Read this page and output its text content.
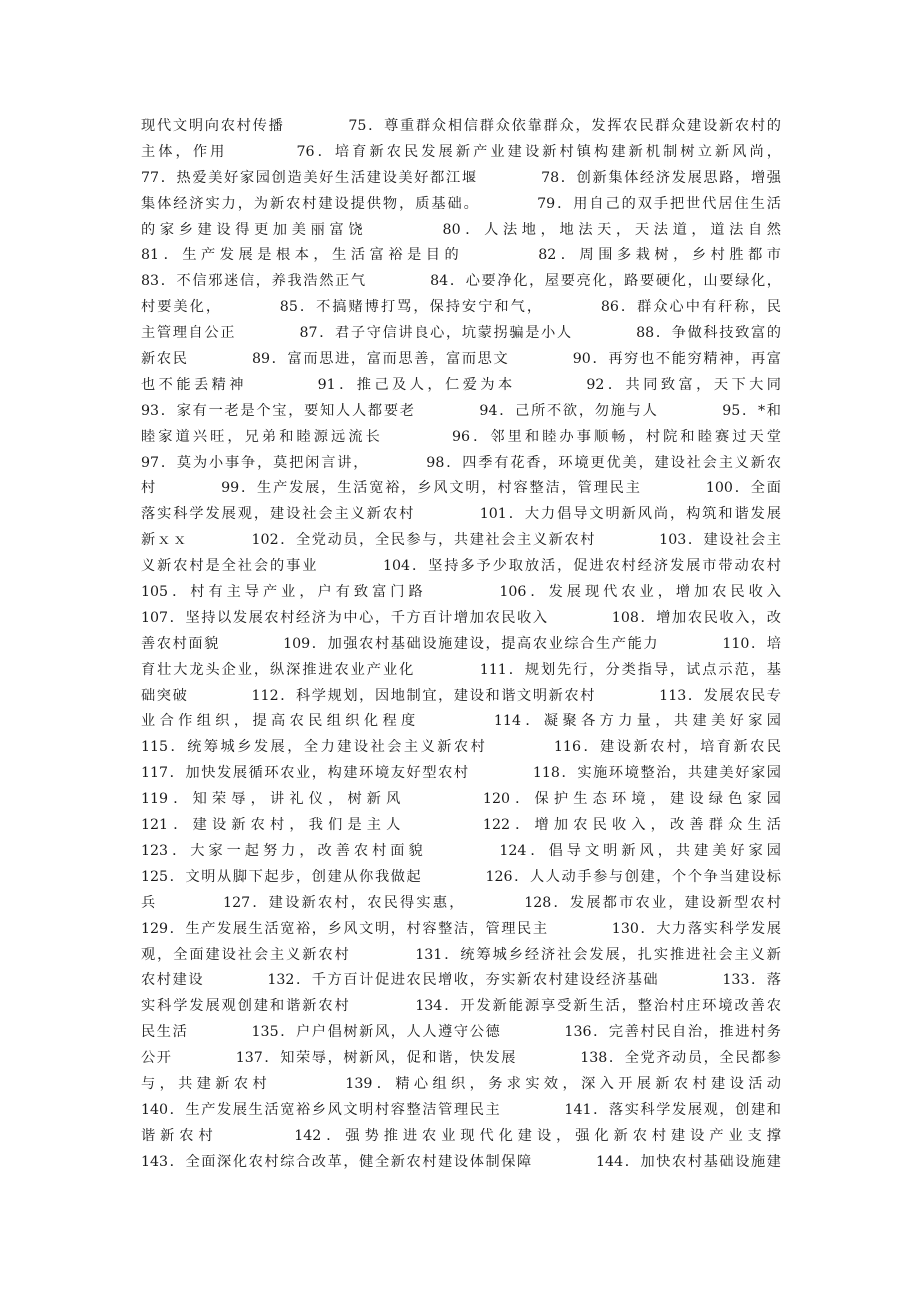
现代文明向农村传播　　　　75．尊重群众相信群众依靠群众，发挥农民群众建设新农村的
主体，作用　　　　76．培育新农民发展新产业建设新村镇构建新机制树立新风尚，
77．热爱美好家园创造美好生活建设美好都江堰　　　　78．创新集体经济发展思路，增强
集体经济实力，为新农村建设提供物，质基础。　　　　79．用自己的双手把世代居住生活
的家乡建设得更加美丽富饶　　　　80．人法地，地法天，天法道，道法自然
81．生产发展是根本，生活富裕是目的　　　　82．周围多栽树，乡村胜都市
83．不信邪迷信，养我浩然正气　　　　84．心要净化，屋要亮化，路要硬化，山要绿化，
村要美化，　　　　85．不搞赌博打骂，保持安宁和气，　　　　86．群众心中有秆称，民
主管理自公正　　　　87．君子守信讲良心，坑蒙拐骗是小人　　　　88．争做科技致富的
新农民　　　　89．富而思进，富而思善，富而思文　　　　90．再穷也不能穷精神，再富
也不能丢精神　　　　91．推己及人，仁爱为本　　　　92．共同致富，天下大同
93．家有一老是个宝，要知人人都要老　　　　94．己所不欲，勿施与人　　　　95．*和
睦家道兴旺，兄弟和睦源远流长　　　　96．邻里和睦办事顺畅，村院和睦赛过天堂
97．莫为小事争，莫把闲言讲，　　　　98．四季有花香，环境更优美，建设社会主义新农
村　　　　99．生产发展，生活宽裕，乡风文明，村容整洁，管理民主　　　　100．全面
落实科学发展观，建设社会主义新农村　　　　101．大力倡导文明新风尚，构筑和谐发展
新ｘｘ　　　　102．全党动员，全民参与，共建社会主义新农村　　　　103．建设社会主
义新农村是全社会的事业　　　　104．坚持多予少取放活，促进农村经济发展市带动农村
105．村有主导产业，户有致富门路　　　　106．发展现代农业，增加农民收入
107．坚持以发展农村经济为中心，千方百计增加农民收入　　　　108．增加农民收入，改
善农村面貌　　　　109．加强农村基础设施建设，提高农业综合生产能力　　　　110．培
育壮大龙头企业，纵深推进农业产业化　　　　111．规划先行，分类指导，试点示范，基
础突破　　　　112．科学规划，因地制宜，建设和谐文明新农村　　　　113．发展农民专
业合作组织，提高农民组织化程度　　　　114．凝聚各方力量，共建美好家园
115．统筹城乡发展，全力建设社会主义新农村　　　　116．建设新农村，培育新农民
117．加快发展循环农业，构建环境友好型农村　　　　118．实施环境整治，共建美好家园
119．知荣辱，讲礼仪，树新风　　　　120．保护生态环境，建设绿色家园
121．建设新农村，我们是主人　　　　122．增加农民收入，改善群众生活
123．大家一起努力，改善农村面貌　　　　124．倡导文明新风，共建美好家园
125．文明从脚下起步，创建从你我做起　　　　126．人人动手参与创建，个个争当建设标
兵　　　　127．建设新农村，农民得实惠，　　　　128．发展都市农业，建设新型农村
129．生产发展生活宽裕，乡风文明，村容整洁，管理民主　　　　130．大力落实科学发展
观，全面建设社会主义新农村　　　　131．统筹城乡经济社会发展，扎实推进社会主义新
农村建设　　　　132．千方百计促进农民增收，夯实新农村建设经济基础　　　　133．落
实科学发展观创建和谐新农村　　　　134．开发新能源享受新生活，整治村庄环境改善农
民生活　　　　135．户户倡树新风，人人遵守公德　　　　136．完善村民自治，推进村务
公开　　　　137．知荣辱，树新风，促和谐，快发展　　　　138．全党齐动员，全民都参
与，共建新农村　　　　139．精心组织，务求实效，深入开展新农村建设活动
140．生产发展生活宽裕乡风文明村容整洁管理民主　　　　141．落实科学发展观，创建和
谐新农村　　　　142．强势推进农业现代化建设，强化新农村建设产业支撑
143．全面深化农村综合改革，健全新农村建设体制保障　　　　144．加快农村基础设施建
